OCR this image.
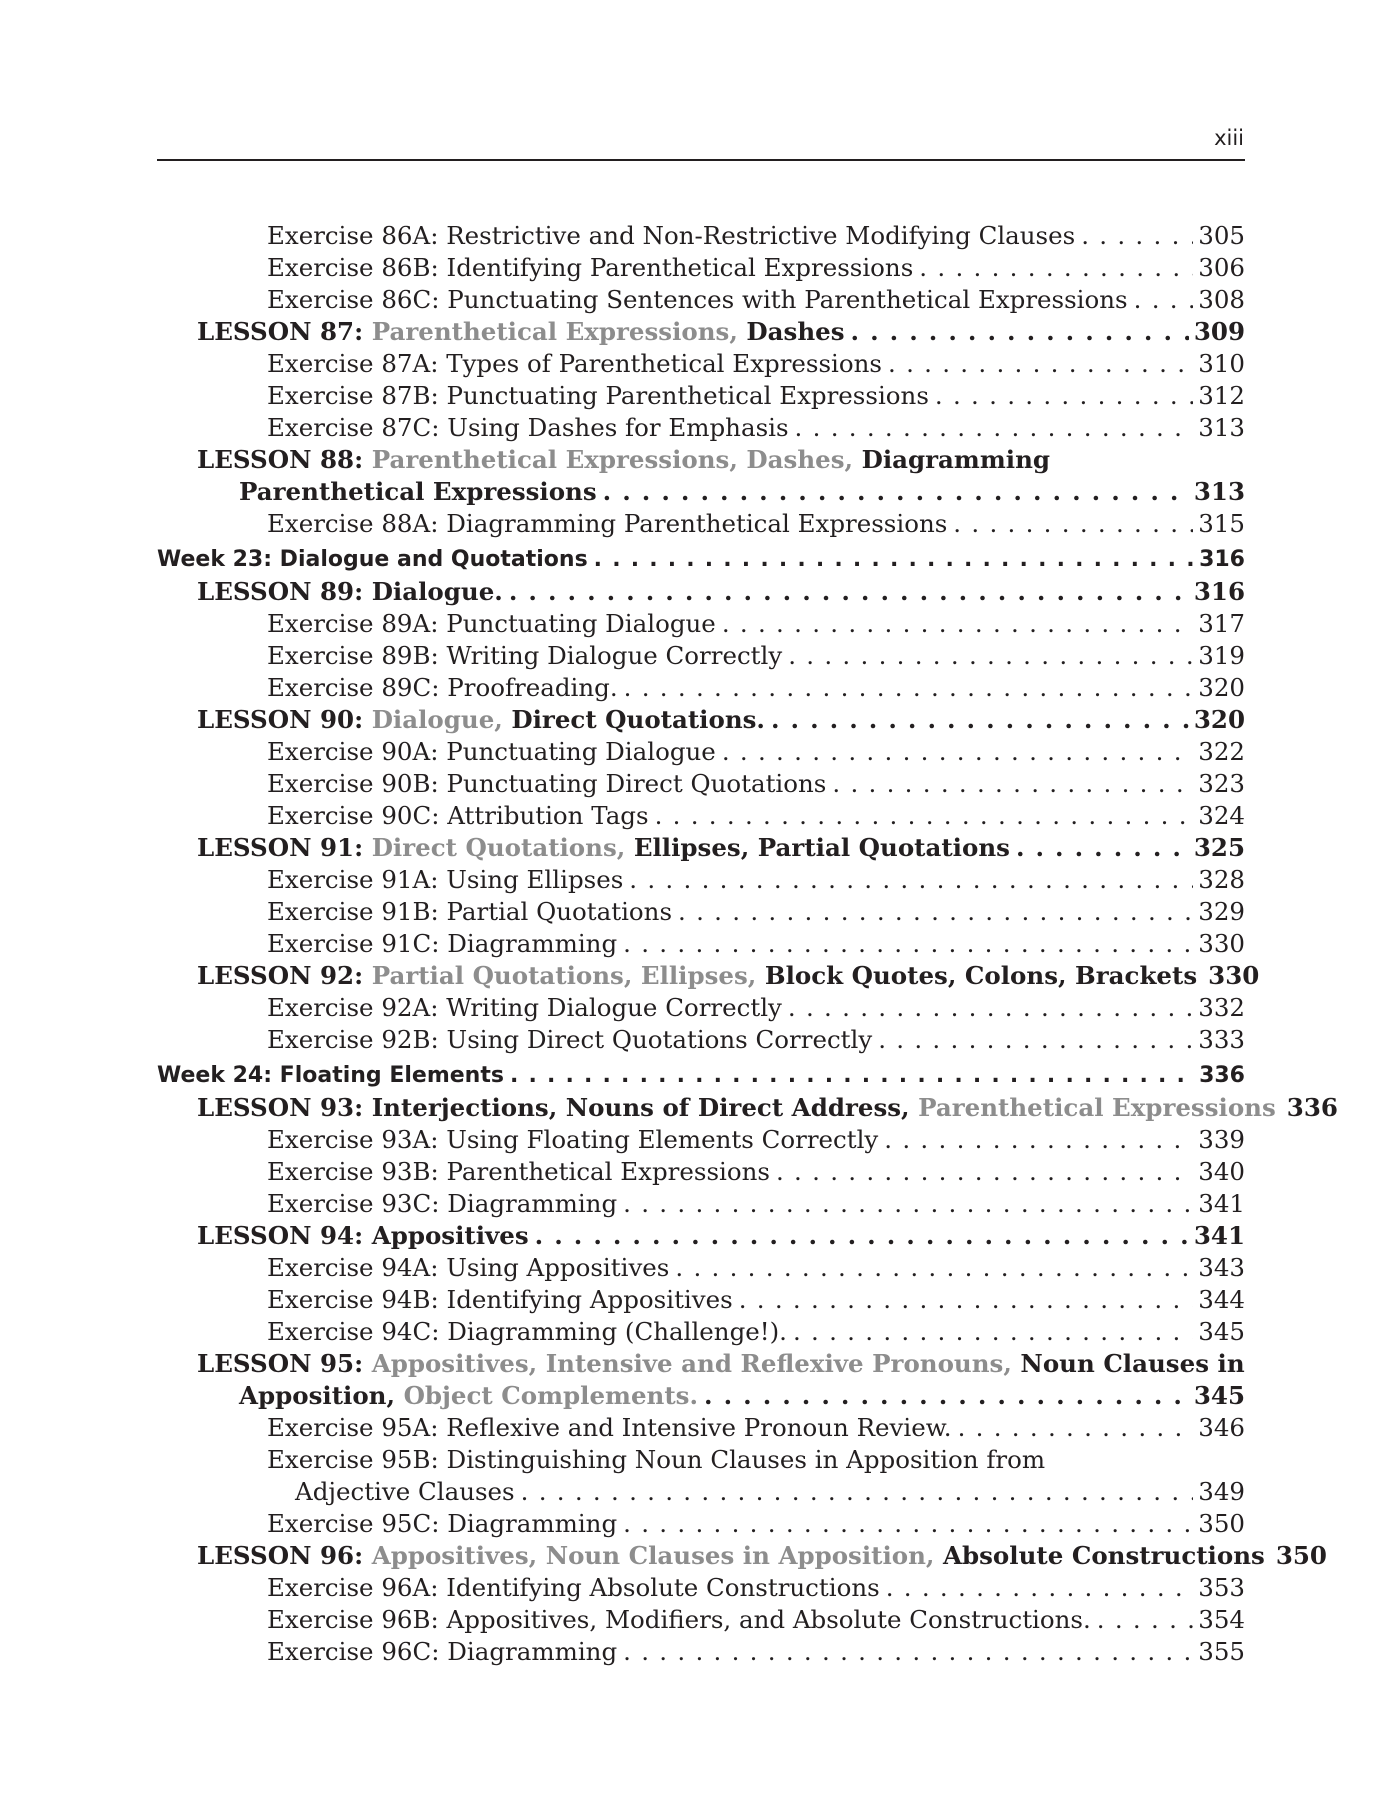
xiii
Exercise 86A: Restrictive and Non-Restrictive Modifying Clauses . . .	305
Exercise 86B: Identifying Parenthetical Expressions . . .	306
Exercise 86C: Punctuating Sentences with Parenthetical Expressions . . .	308
LESSON 87: Parenthetical Expressions, Dashes . . .	309
Exercise 87A: Types of Parenthetical Expressions . . .	310
Exercise 87B: Punctuating Parenthetical Expressions . . .	312
Exercise 87C: Using Dashes for Emphasis . . .	313
LESSON 88: Parenthetical Expressions, Dashes, Diagramming
Parenthetical Expressions . . .	313
Exercise 88A: Diagramming Parenthetical Expressions . . .	315
Week 23: Dialogue and Quotations . . .	316
LESSON 89: Dialogue. . . .	316
Exercise 89A: Punctuating Dialogue . . .	317
Exercise 89B: Writing Dialogue Correctly . . .	319
Exercise 89C: Proofreading. . . .	320
LESSON 90: Dialogue, Direct Quotations. . . .	320
Exercise 90A: Punctuating Dialogue . . .	322
Exercise 90B: Punctuating Direct Quotations . . .	323
Exercise 90C: Attribution Tags . . .	324
LESSON 91: Direct Quotations, Ellipses, Partial Quotations . . .	325
Exercise 91A: Using Ellipses . . .	328
Exercise 91B: Partial Quotations . . .	329
Exercise 91C: Diagramming . . .	330
LESSON 92: Partial Quotations, Ellipses, Block Quotes, Colons, Brackets 330
Exercise 92A: Writing Dialogue Correctly . . .	332
Exercise 92B: Using Direct Quotations Correctly . . .	333
Week 24: Floating Elements . . .	336
LESSON 93: Interjections, Nouns of Direct Address, Parenthetical Expressions 336
Exercise 93A: Using Floating Elements Correctly . . .	339
Exercise 93B: Parenthetical Expressions . . .	340
Exercise 93C: Diagramming . . .	341
LESSON 94: Appositives . . .	341
Exercise 94A: Using Appositives . . .	343
Exercise 94B: Identifying Appositives . . .	344
Exercise 94C: Diagramming (Challenge!). . . .	345
LESSON 95: Appositives, Intensive and Reflexive Pronouns, Noun Clauses in
Apposition, Object Complements. . . .	345
Exercise 95A: Reflexive and Intensive Pronoun Review. . . .	346
Exercise 95B: Distinguishing Noun Clauses in Apposition from
Adjective Clauses . . .	349
Exercise 95C: Diagramming . . .	350
LESSON 96: Appositives, Noun Clauses in Apposition, Absolute Constructions 350
Exercise 96A: Identifying Absolute Constructions . . .	353
Exercise 96B: Appositives, Modifiers, and Absolute Constructions. . . .	354
Exercise 96C: Diagramming . . .	355
